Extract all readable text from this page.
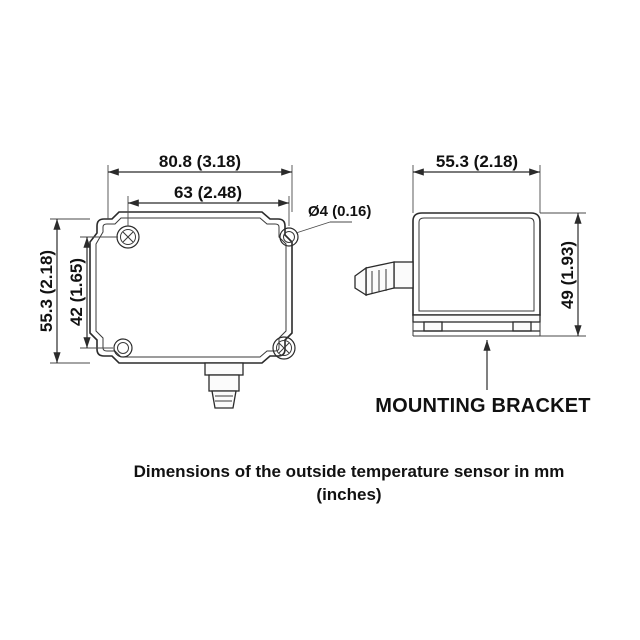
80.8 (3.18)
63 (2.48)
55.3 (2.18) 42 (1.65)
Ø4 (0.16)
55.3 (2.18)
49 (1.93)
MOUNTING BRACKET
Dimensions of the outside temperature sensor in mm
(inches)
